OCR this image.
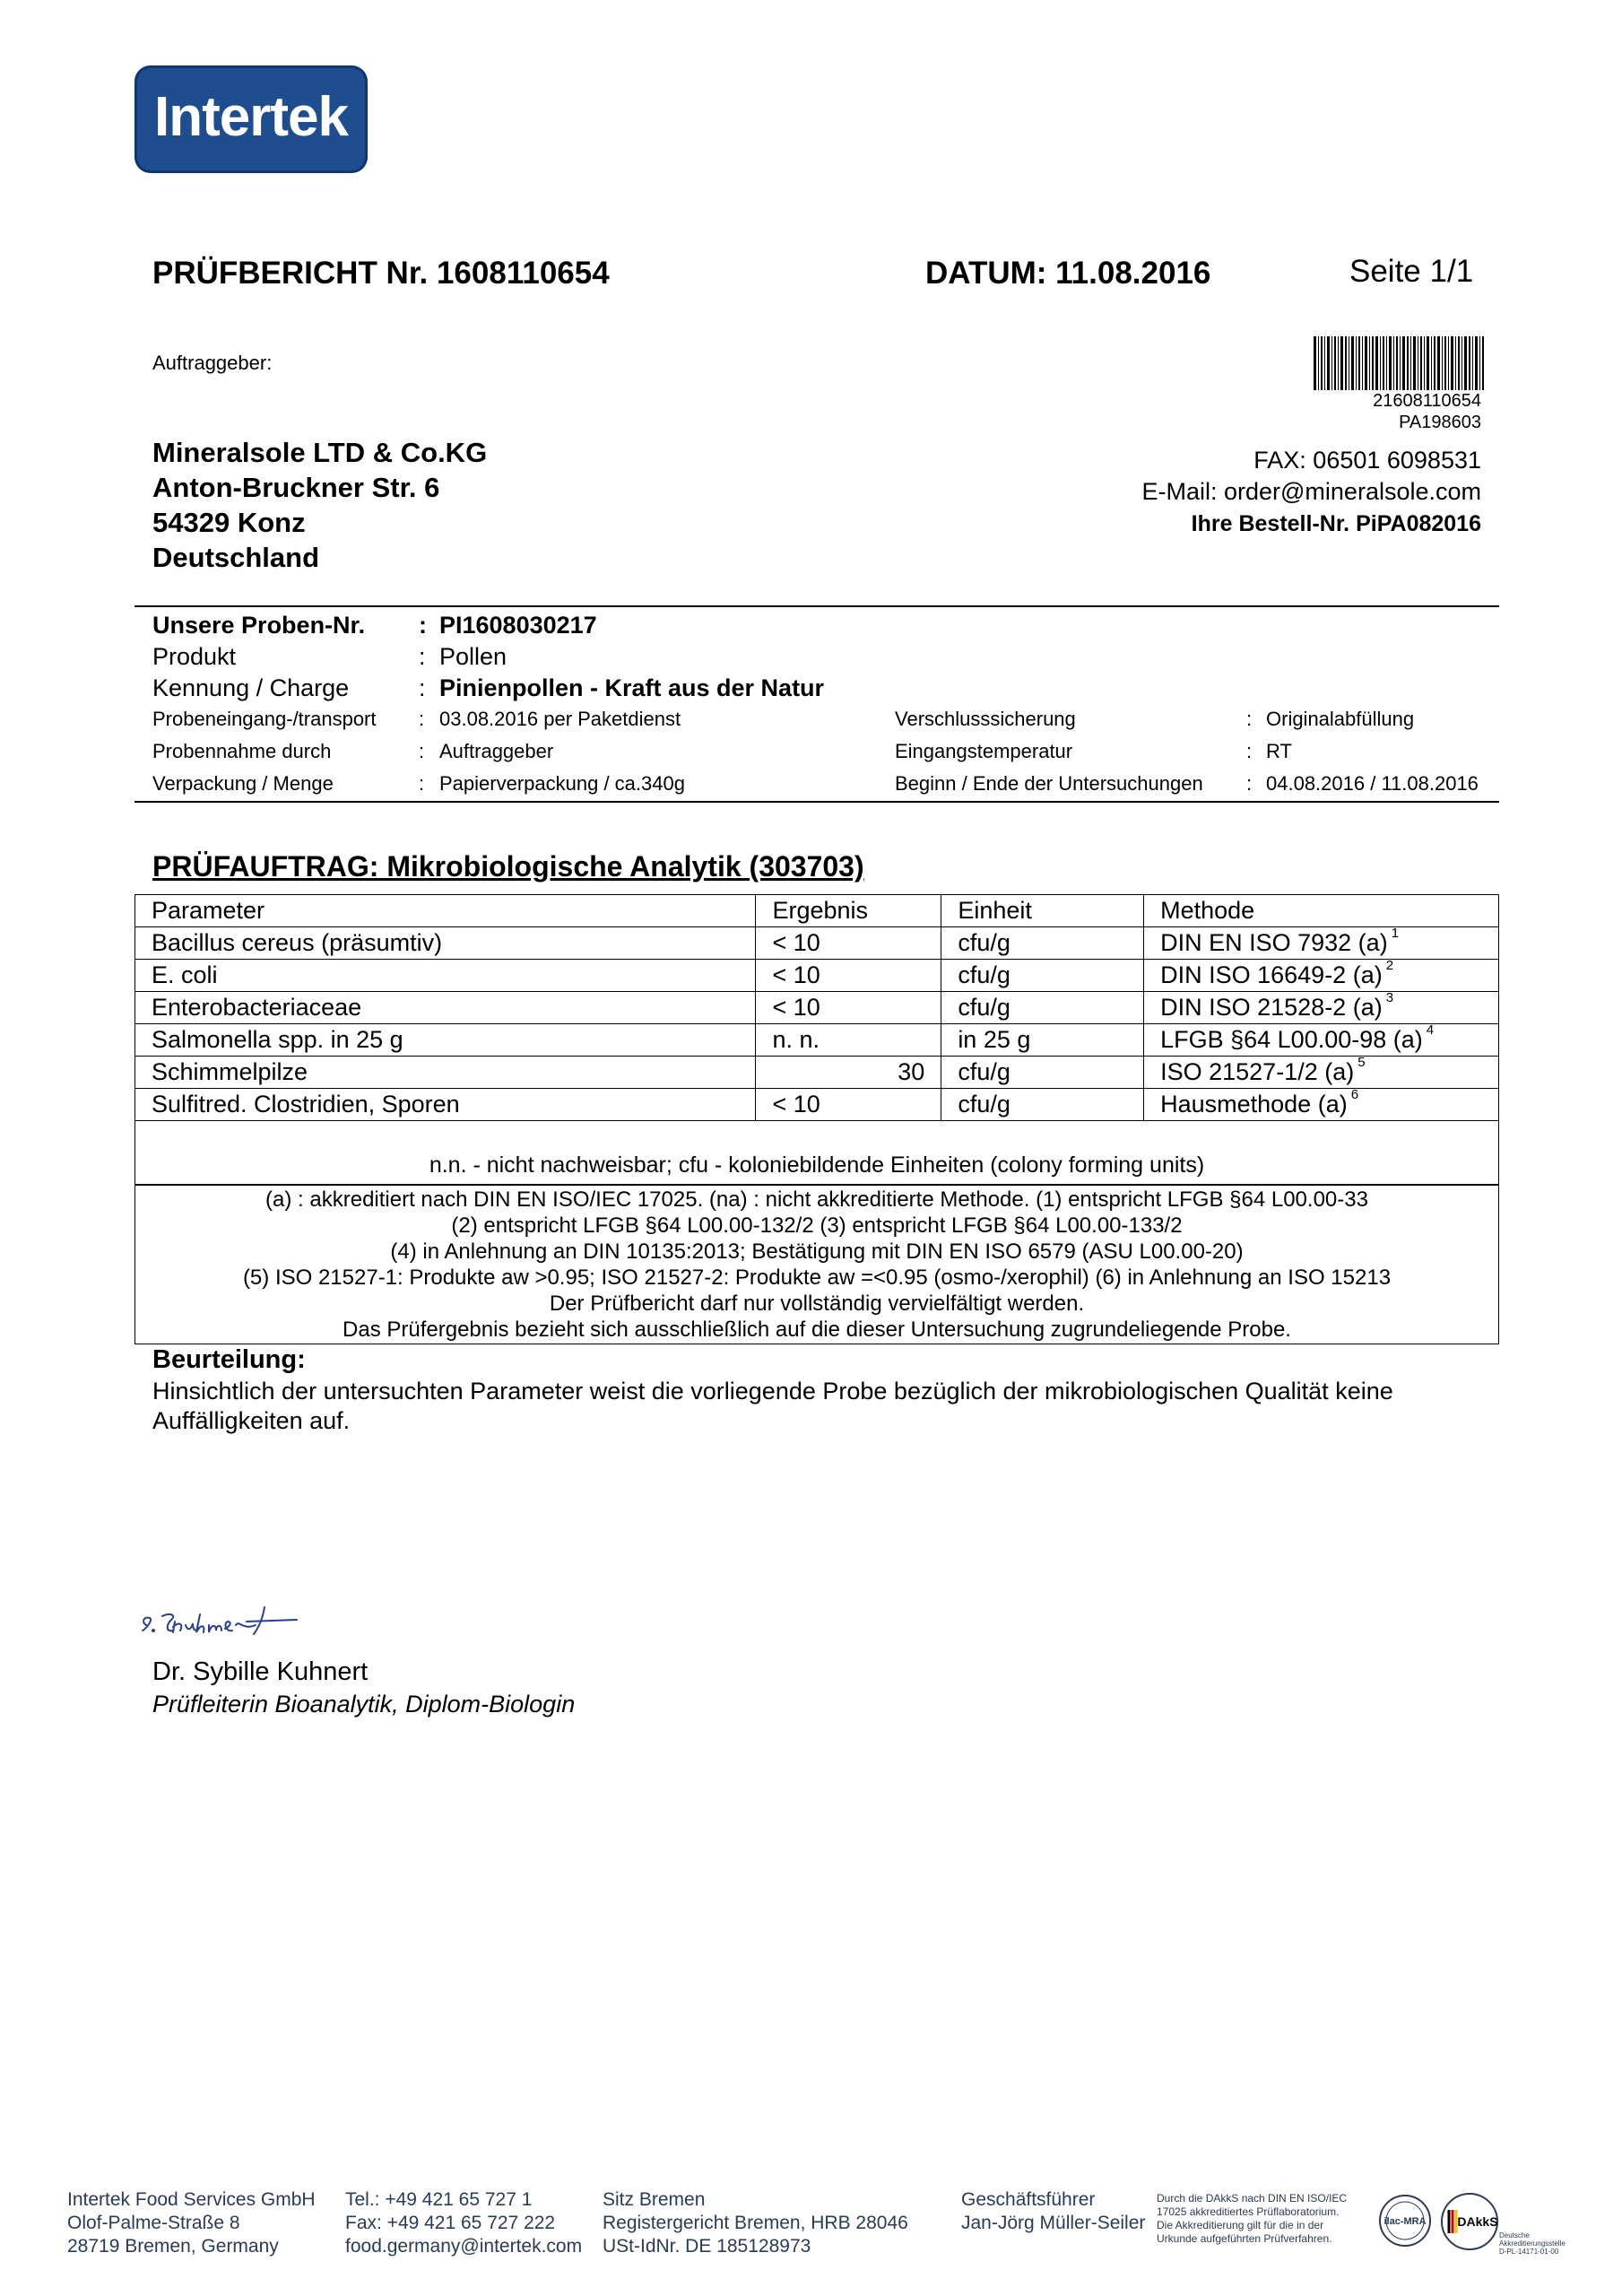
Intertek
PRÜFBERICHT Nr. 1608110654	DATUM: 11.08.2016	Seite 1/1
Auftraggeber:
21608110654
PA198603
Mineralsole LTD & Co.KG
Anton-Bruckner Str. 6
54329 Konz
Deutschland
FAX: 06501 6098531
E-Mail: order@mineralsole.com
Ihre Bestell-Nr. PiPA082016
Unsere Proben-Nr. : PI1608030217
Produkt	: Pollen
Kennung / Charge	: Pinienpollen - Kraft aus der Natur
Probeneingang-/transport : 03.08.2016 per Paketdienst	Verschlusssicherung	: Originalabfüllung
Probennahme durch	: Auftraggeber	Eingangstemperatur	: RT
Verpackung / Menge	: Papierverpackung / ca.340g	Beginn / Ende der Untersuchungen : 04.08.2016 / 11.08.2016
PRÜFAUFTRAG: Mikrobiologische Analytik (303703)
Parameter	Ergebnis	Einheit	Methode
Bacillus cereus (präsumtiv)	< 10	cfu/g	DIN EN ISO 7932 (a) $^1$
E. coli	< 10	cfu/g	DIN ISO 16649-2 (a) $^2$
Enterobacteriaceae	< 10	cfu/g	DIN ISO 21528-2 (a) $^3$
Salmonella spp. in 25 g	n. n.	in 25 g	LFGB §64 L00.00-98 (a) $^4$
Schimmelpilze	30	cfu/g	ISO 21527-1/2 (a) $^5$
Sulfitred. Clostridien, Sporen	< 10	cfu/g	Hausmethode (a) $^6$
n.n. - nicht nachweisbar; cfu - koloniebildende Einheiten (colony forming units)
(a) : akkreditiert nach DIN EN ISO/IEC 17025. (na) : nicht akkreditierte Methode. (1) entspricht LFGB §64 L00.00-33
(2) entspricht LFGB §64 L00.00-132/2 (3) entspricht LFGB §64 L00.00-133/2
(4) in Anlehnung an DIN 10135:2013; Bestätigung mit DIN EN ISO 6579 (ASU L00.00-20)
(5) ISO 21527-1: Produkte aw >0.95; ISO 21527-2: Produkte aw =<0.95 (osmo-/xerophil) (6) in Anlehnung an ISO 15213
Der Prüfbericht darf nur vollständig vervielfältigt werden.
Das Prüfergebnis bezieht sich ausschließlich auf die dieser Untersuchung zugrundeliegende Probe.
Beurteilung:
Hinsichtlich der untersuchten Parameter weist die vorliegende Probe bezüglich der mikrobiologischen Qualität keine Auffälligkeiten auf.
Dr. Sybille Kuhnert
Prüfleiterin Bioanalytik, Diplom-Biologin
Intertek Food Services GmbH
Olof-Palme-Straße 8
28719 Bremen, Germany
Tel.: +49 421 65 727 1
Fax: +49 421 65 727 222
food.germany@intertek.com
Sitz Bremen
Registergericht Bremen, HRB 28046
USt-IdNr. DE 185128973
Geschäftsführer
Jan-Jörg Müller-Seiler
Durch die DAkkS nach DIN EN ISO/IEC
17025 akkreditiertes Prüflaboratorium.
Die Akkreditierung gilt für die in der
Urkunde aufgeführten Prüfverfahren.
ilac-MRA DAkkS
Deutsche
Akkreditierungsstelle
D-PL-14171-01-00
